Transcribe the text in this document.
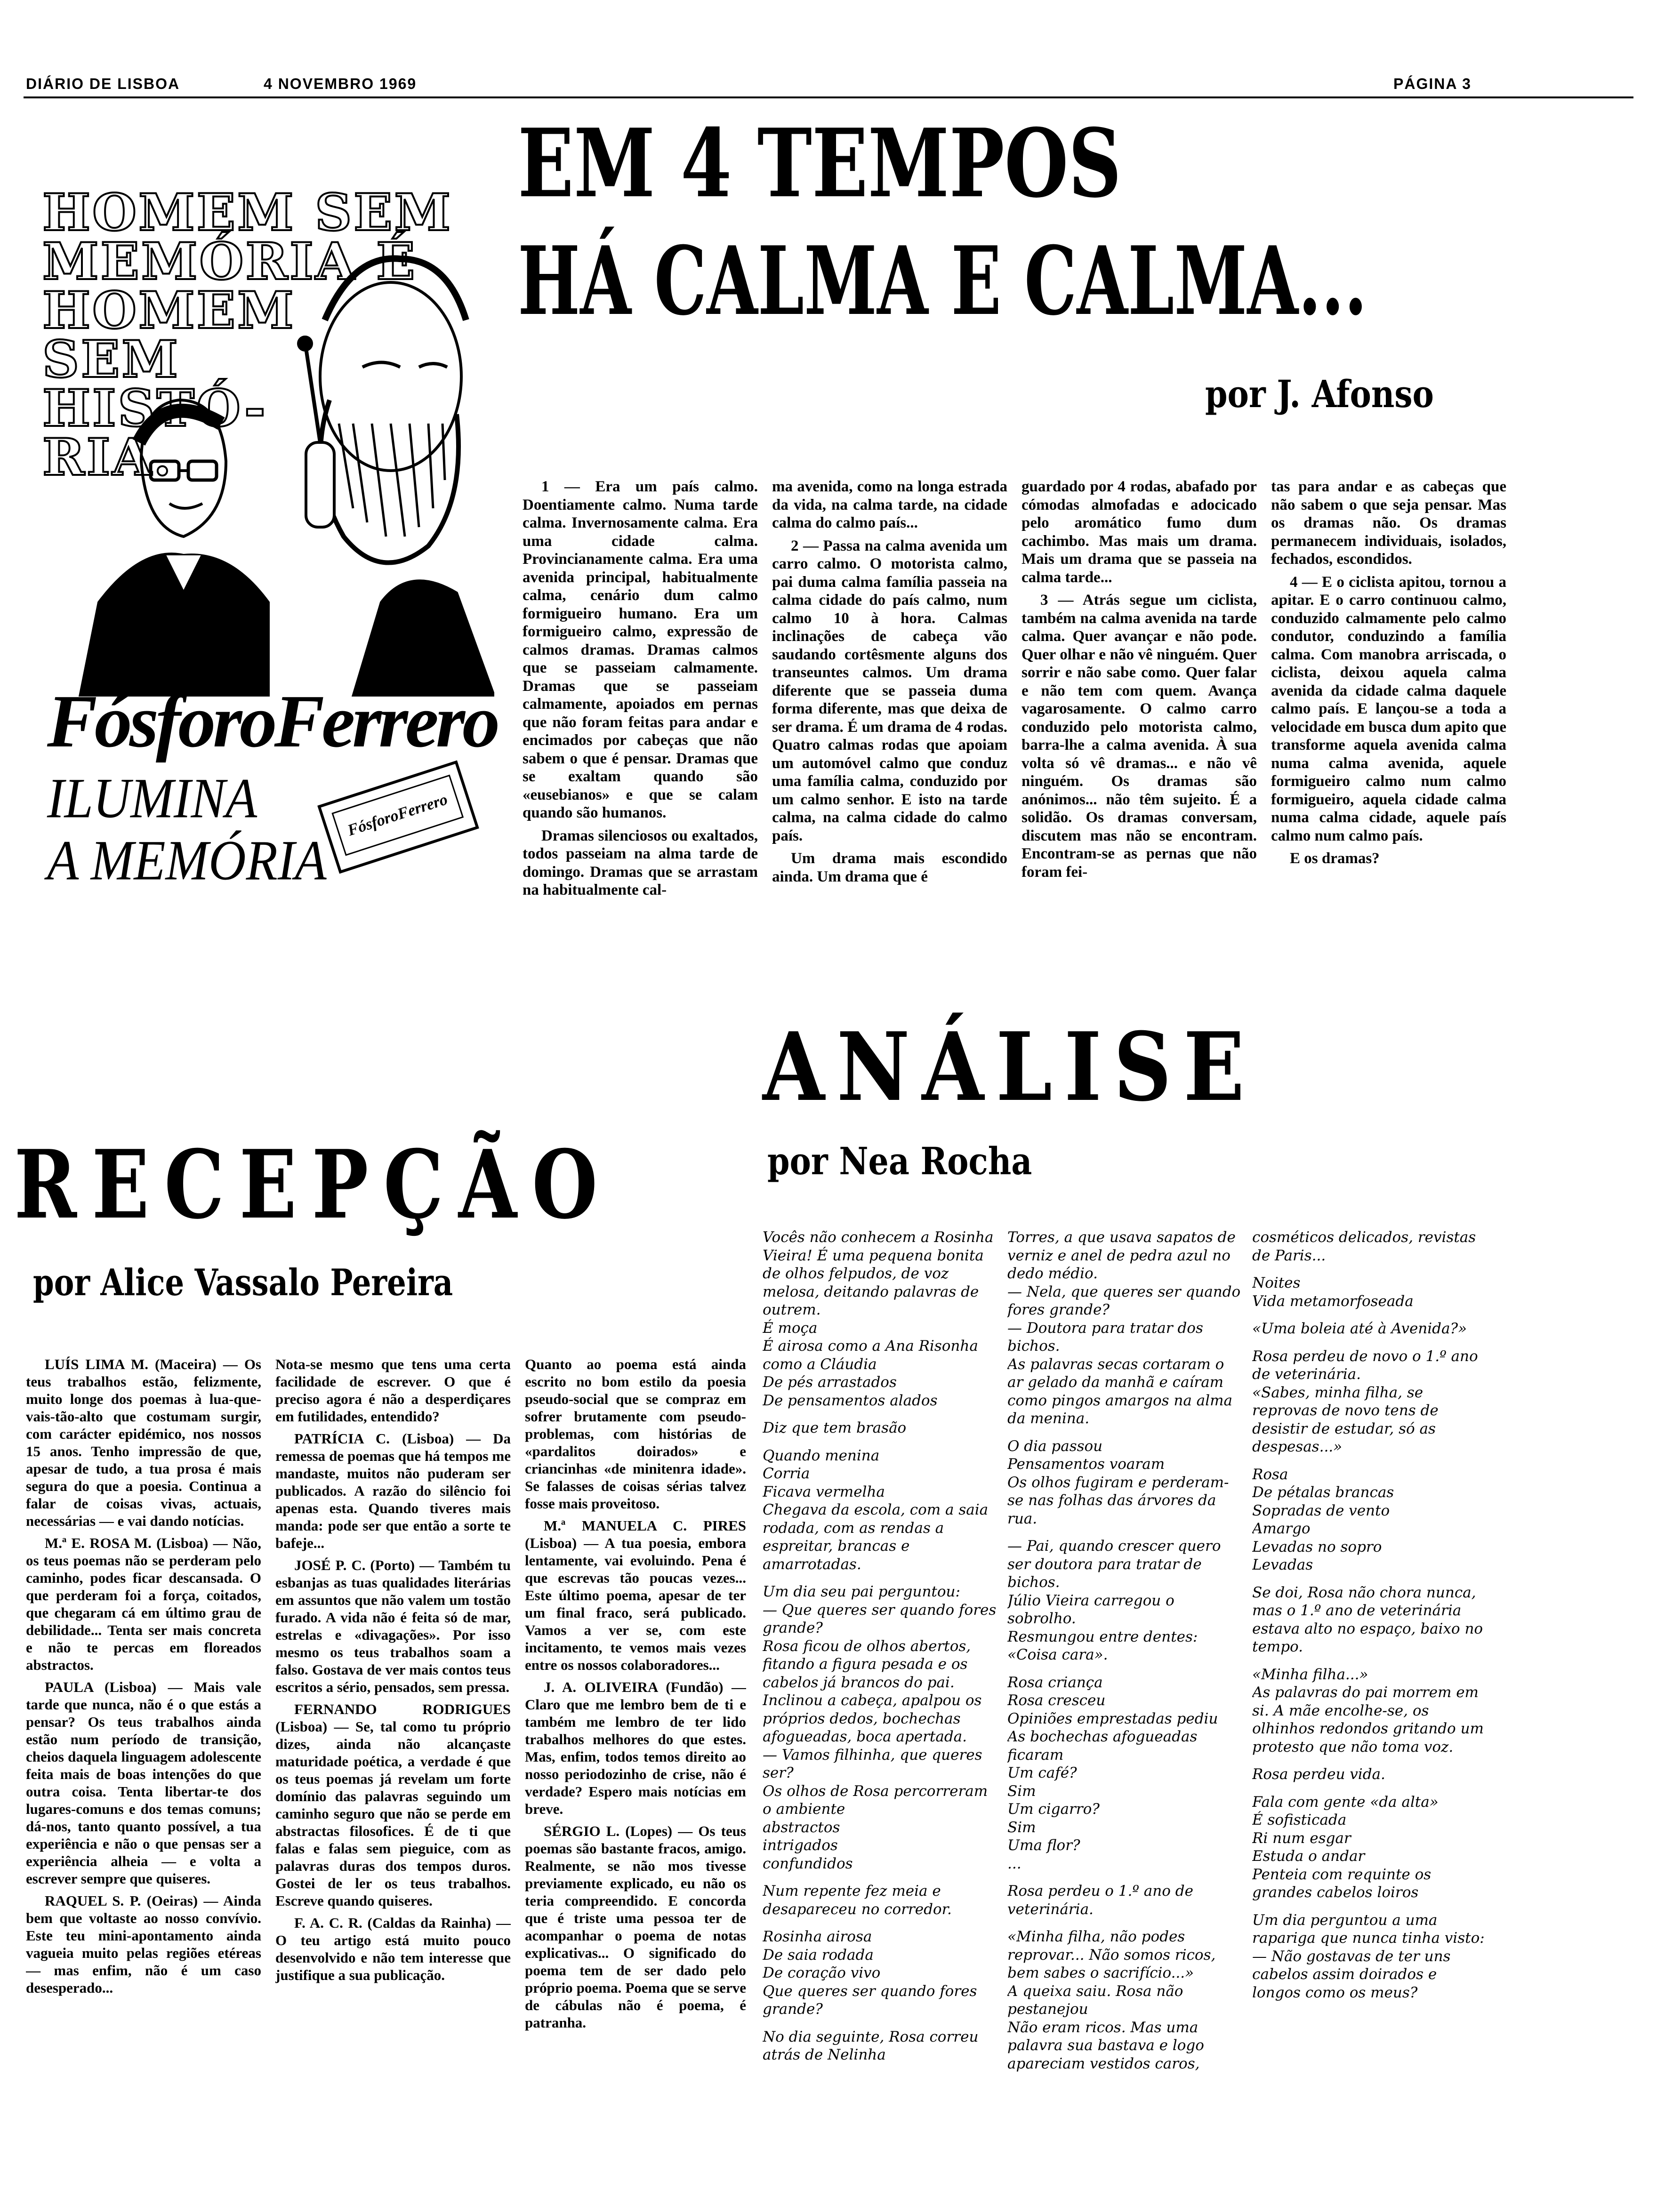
DIÁRIO DE LISBOA	4 NOVEMBRO 1969	PÁGINA 3
HOMEM SEM
MEMÓRIA É
HOMEM
SEM
HISTÓ-
RIA.
FósforoFerrero
ILUMINA
A MEMÓRIA
FósforoFerrero
EM 4 TEMPOS
HÁ CALMA E CALMA...
por J. Afonso

1 — Era um país calmo. Doentiamente calmo. Numa tarde calma. Invernosamente calma. Era uma cidade calma. Provincianamente calma. Era uma avenida principal, habitualmente calma, cenário dum calmo formigueiro humano. Era um formigueiro calmo, expressão de calmos dramas. Dramas calmos que se passeiam calmamente. Dramas que se passeiam calmamente, apoiados em pernas que não foram feitas para andar e encimados por cabeças que não sabem o que é pensar. Dramas que se exaltam quando são «eusebianos» e que se calam quando são humanos.

Dramas silenciosos ou exaltados, todos passeiam na alma tarde de domingo. Dramas que se arrastam na habitualmente cal-

ma avenida, como na longa estrada da vida, na calma tarde, na cidade calma do calmo país...

2 — Passa na calma avenida um carro calmo. O motorista calmo, pai duma calma família passeia na calma cidade do país calmo, num calmo 10 à hora. Calmas inclinações de cabeça vão saudando cortêsmente alguns dos transeuntes calmos. Um drama diferente que se passeia duma forma diferente, mas que deixa de ser drama. É um drama de 4 rodas. Quatro calmas rodas que apoiam um automóvel calmo que conduz uma família calma, conduzido por um calmo senhor. E isto na tarde calma, na calma cidade do calmo país.

Um drama mais escondido ainda. Um drama que é

guardado por 4 rodas, abafado por cómodas almofadas e adocicado pelo aromático fumo dum cachimbo. Mas mais um drama. Mais um drama que se passeia na calma tarde...

3 — Atrás segue um ciclista, também na calma avenida na tarde calma. Quer avançar e não pode. Quer olhar e não vê ninguém. Quer sorrir e não sabe como. Quer falar e não tem com quem. Avança vagarosamente. O calmo carro conduzido pelo motorista calmo, barra-lhe a calma avenida. À sua volta só vê dramas... e não vê ninguém. Os dramas são anónimos... não têm sujeito. É a solidão. Os dramas conversam, discutem mas não se encontram. Encontram-se as pernas que não foram fei-

tas para andar e as cabeças que não sabem o que seja pensar. Mas os dramas não. Os dramas permanecem individuais, isolados, fechados, escondidos.

4 — E o ciclista apitou, tornou a apitar. E o carro continuou calmo, conduzido calmamente pelo calmo condutor, conduzindo a família calma. Com manobra arriscada, o ciclista, deixou aquela calma avenida da cidade calma daquele calmo país. E lançou-se a toda a velocidade em busca dum apito que transforme aquela avenida calma numa calma avenida, aquele formigueiro calmo num calmo formigueiro, aquela cidade calma numa calma cidade, aquele país calmo num calmo país.

E os dramas?

ANÁLISE
por Nea Rocha
RECEPÇÃO
por Alice Vassalo Pereira

LUÍS LIMA M. (Maceira) — Os teus trabalhos estão, felizmente, muito longe dos poemas à lua-que-vais-tão-alto que costumam surgir, com carácter epidémico, nos nossos 15 anos. Tenho impressão de que, apesar de tudo, a tua prosa é mais segura do que a poesia. Continua a falar de coisas vivas, actuais, necessárias — e vai dando notícias.

M.ª E. ROSA M. (Lisboa) — Não, os teus poemas não se perderam pelo caminho, podes ficar descansada. O que perderam foi a força, coitados, que chegaram cá em último grau de debilidade... Tenta ser mais concreta e não te percas em floreados abstractos.

PAULA (Lisboa) — Mais vale tarde que nunca, não é o que estás a pensar? Os teus trabalhos ainda estão num período de transição, cheios daquela linguagem adolescente feita mais de boas intenções do que outra coisa. Tenta libertar-te dos lugares-comuns e dos temas comuns; dá-nos, tanto quanto possível, a tua experiência e não o que pensas ser a experiência alheia — e volta a escrever sempre que quiseres.

RAQUEL S. P. (Oeiras) — Ainda bem que voltaste ao nosso convívio. Este teu mini-apontamento ainda vagueia muito pelas regiões etéreas — mas enfim, não é um caso desesperado...

Nota-se mesmo que tens uma certa facilidade de escrever. O que é preciso agora é não a desperdiçares em futilidades, entendido?

PATRÍCIA C. (Lisboa) — Da remessa de poemas que há tempos me mandaste, muitos não puderam ser publicados. A razão do silêncio foi apenas esta. Quando tiveres mais manda: pode ser que então a sorte te bafeje...

JOSÉ P. C. (Porto) — Também tu esbanjas as tuas qualidades literárias em assuntos que não valem um tostão furado. A vida não é feita só de mar, estrelas e «divagações». Por isso mesmo os teus trabalhos soam a falso. Gostava de ver mais contos teus escritos a sério, pensados, sem pressa.

FERNANDO RODRIGUES (Lisboa) — Se, tal como tu próprio dizes, ainda não alcançaste maturidade poética, a verdade é que os teus poemas já revelam um forte domínio das palavras seguindo um caminho seguro que não se perde em abstractas filosofices. É de ti que falas e falas sem pieguice, com as palavras duras dos tempos duros. Gostei de ler os teus trabalhos. Escreve quando quiseres.

F. A. C. R. (Caldas da Rainha) — O teu artigo está muito pouco desenvolvido e não tem interesse que justifique a sua publicação.

Quanto ao poema está ainda escrito no bom estilo da poesia pseudo-social que se compraz em sofrer brutamente com pseudo-problemas, com histórias de «pardalitos doirados» e criancinhas «de minitenra idade». Se falasses de coisas sérias talvez fosse mais proveitoso.

M.ª MANUELA C. PIRES (Lisboa) — A tua poesia, embora lentamente, vai evoluindo. Pena é que escrevas tão poucas vezes... Este último poema, apesar de ter um final fraco, será publicado. Vamos a ver se, com este incitamento, te vemos mais vezes entre os nossos colaboradores...

J. A. OLIVEIRA (Fundão) — Claro que me lembro bem de ti e também me lembro de ter lido trabalhos melhores do que estes. Mas, enfim, todos temos direito ao nosso periodozinho de crise, não é verdade? Espero mais notícias em breve.

SÉRGIO L. (Lopes) — Os teus poemas são bastante fracos, amigo. Realmente, se não mos tivesse previamente explicado, eu não os teria compreendido. E concorda que é triste uma pessoa ter de acompanhar o poema de notas explicativas... O significado do poema tem de ser dado pelo próprio poema. Poema que se serve de cábulas não é poema, é patranha.

Vocês não conhecem a Rosinha Vieira! É uma pequena bonita de olhos felpudos, de voz melosa, deitando palavras de outrem.
É moça
É airosa como a Ana Risonha como a Cláudia
De pés arrastados
De pensamentos alados

Diz que tem brasão

Quando menina
Corria
Ficava vermelha
Chegava da escola, com a saia rodada, com as rendas a espreitar, brancas e amarrotadas.

Um dia seu pai perguntou:
— Que queres ser quando fores grande?
Rosa ficou de olhos abertos, fitando a figura pesada e os cabelos já brancos do pai. Inclinou a cabeça, apalpou os próprios dedos, bochechas afogueadas, boca apertada.
— Vamos filhinha, que queres ser?
Os olhos de Rosa percorreram o ambiente
abstractos
intrigados
confundidos

Num repente fez meia e desapareceu no corredor.

Rosinha airosa
De saia rodada
De coração vivo
Que queres ser quando fores grande?

No dia seguinte, Rosa correu atrás de Nelinha

Torres, a que usava sapatos de verniz e anel de pedra azul no dedo médio.
— Nela, que queres ser quando fores grande?
— Doutora para tratar dos bichos.
As palavras secas cortaram o ar gelado da manhã e caíram como pingos amargos na alma da menina.

O dia passou
Pensamentos voaram
Os olhos fugiram e perderam-se nas folhas das árvores da rua.

— Pai, quando crescer quero ser doutora para tratar de bichos.
Júlio Vieira carregou o sobrolho.
Resmungou entre dentes:
«Coisa cara».

Rosa criança
Rosa cresceu
Opiniões emprestadas pediu
As bochechas afogueadas ficaram
Um café?
Sim
Um cigarro?
Sim
Uma flor?
...

Rosa perdeu o 1.º ano de veterinária.

«Minha filha, não podes reprovar... Não somos ricos, bem sabes o sacrifício...»
A queixa saiu. Rosa não pestanejou
Não eram ricos. Mas uma palavra sua bastava e logo apareciam vestidos caros,

cosméticos delicados, revistas de Paris...

Noites
Vida metamorfoseada

«Uma boleia até à Avenida?»

Rosa perdeu de novo o 1.º ano de veterinária.
«Sabes, minha filha, se reprovas de novo tens de desistir de estudar, só as despesas...»

Rosa
De pétalas brancas
Sopradas de vento
Amargo
Levadas no sopro
Levadas

Se doi, Rosa não chora nunca, mas o 1.º ano de veterinária estava alto no espaço, baixo no tempo.

«Minha filha...»
As palavras do pai morrem em si. A mãe encolhe-se, os olhinhos redondos gritando um protesto que não toma voz.

Rosa perdeu vida.

Fala com gente «da alta»
É sofisticada
Ri num esgar
Estuda o andar
Penteia com requinte os grandes cabelos loiros

Um dia perguntou a uma rapariga que nunca tinha visto:
— Não gostavas de ter uns cabelos assim doirados e longos como os meus?
